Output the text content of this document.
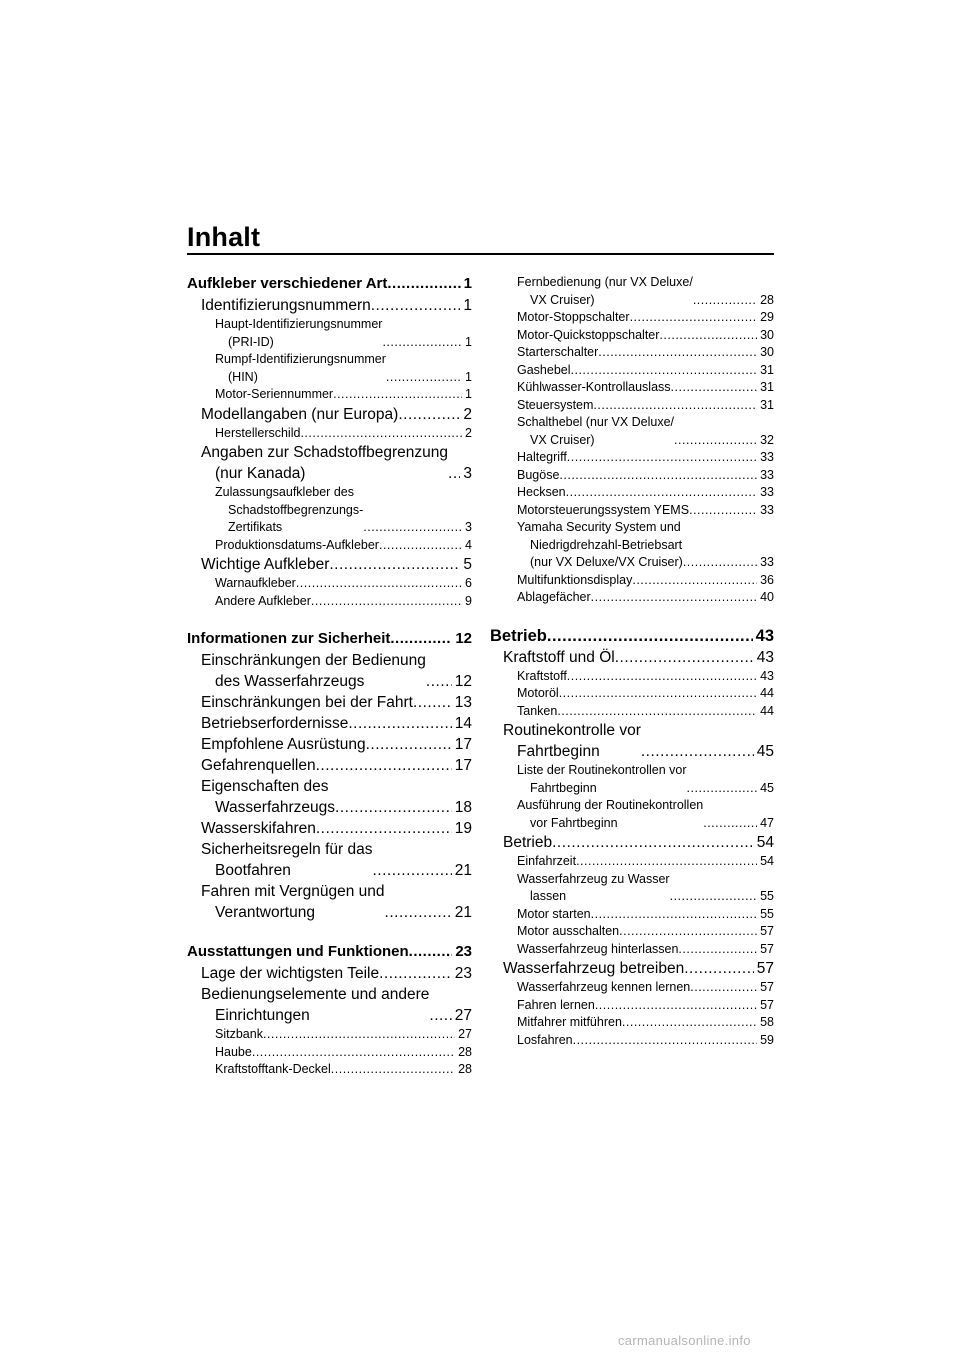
Inhalt
Aufkleber verschiedener Art .....	1
Identifizierungsnummern .....	1
Haupt-Identifizierungsnummer
(PRI-ID) .....	1
Rumpf-Identifizierungsnummer
(HIN) .....	1
Motor-Seriennummer .....	1
Modellangaben (nur Europa) .....	2
Herstellerschild .....	2
Angaben zur Schadstoffbegrenzung
(nur Kanada) .....	3
Zulassungsaufkleber des
Schadstoffbegrenzungs-
Zertifikats .....	3
Produktionsdatums-Aufkleber .....	4
Wichtige Aufkleber .....	5
Warnaufkleber .....	6
Andere Aufkleber .....	9
Informationen zur Sicherheit .....	12
Einschränkungen der Bedienung
des Wasserfahrzeugs .....	12
Einschränkungen bei der Fahrt .....	13
Betriebserfordernisse .....	14
Empfohlene Ausrüstung .....	17
Gefahrenquellen .....	17
Eigenschaften des
Wasserfahrzeugs .....	18
Wasserskifahren .....	19
Sicherheitsregeln für das
Bootfahren .....	21
Fahren mit Vergnügen und
Verantwortung .....	21
Ausstattungen und Funktionen .....	23
Lage der wichtigsten Teile .....	23
Bedienungselemente und andere
Einrichtungen .....	27
Sitzbank .....	27
Haube .....	28
Kraftstofftank-Deckel .....	28
Fernbedienung (nur VX Deluxe/
VX Cruiser) .....	28
Motor-Stoppschalter .....	29
Motor-Quickstoppschalter .....	30
Starterschalter .....	30
Gashebel .....	31
Kühlwasser-Kontrollauslass .....	31
Steuersystem .....	31
Schalthebel (nur VX Deluxe/
VX Cruiser) .....	32
Haltegriff .....	33
Bugöse .....	33
Hecksen .....	33
Motorsteuerungssystem YEMS .....	33
Yamaha Security System und
Niedrigdrehzahl-Betriebsart
(nur VX Deluxe/VX Cruiser) .....	33
Multifunktionsdisplay .....	36
Ablagefächer .....	40
Betrieb .....	43
Kraftstoff und Öl .....	43
Kraftstoff .....	43
Motoröl .....	44
Tanken .....	44
Routinekontrolle vor
Fahrtbeginn .....	45
Liste der Routinekontrollen vor
Fahrtbeginn .....	45
Ausführung der Routinekontrollen
vor Fahrtbeginn .....	47
Betrieb .....	54
Einfahrzeit .....	54
Wasserfahrzeug zu Wasser
lassen .....	55
Motor starten .....	55
Motor ausschalten .....	57
Wasserfahrzeug hinterlassen .....	57
Wasserfahrzeug betreiben .....	57
Wasserfahrzeug kennen lernen .....	57
Fahren lernen .....	57
Mitfahrer mitführen .....	58
Losfahren .....	59
carmanualsonline.info
